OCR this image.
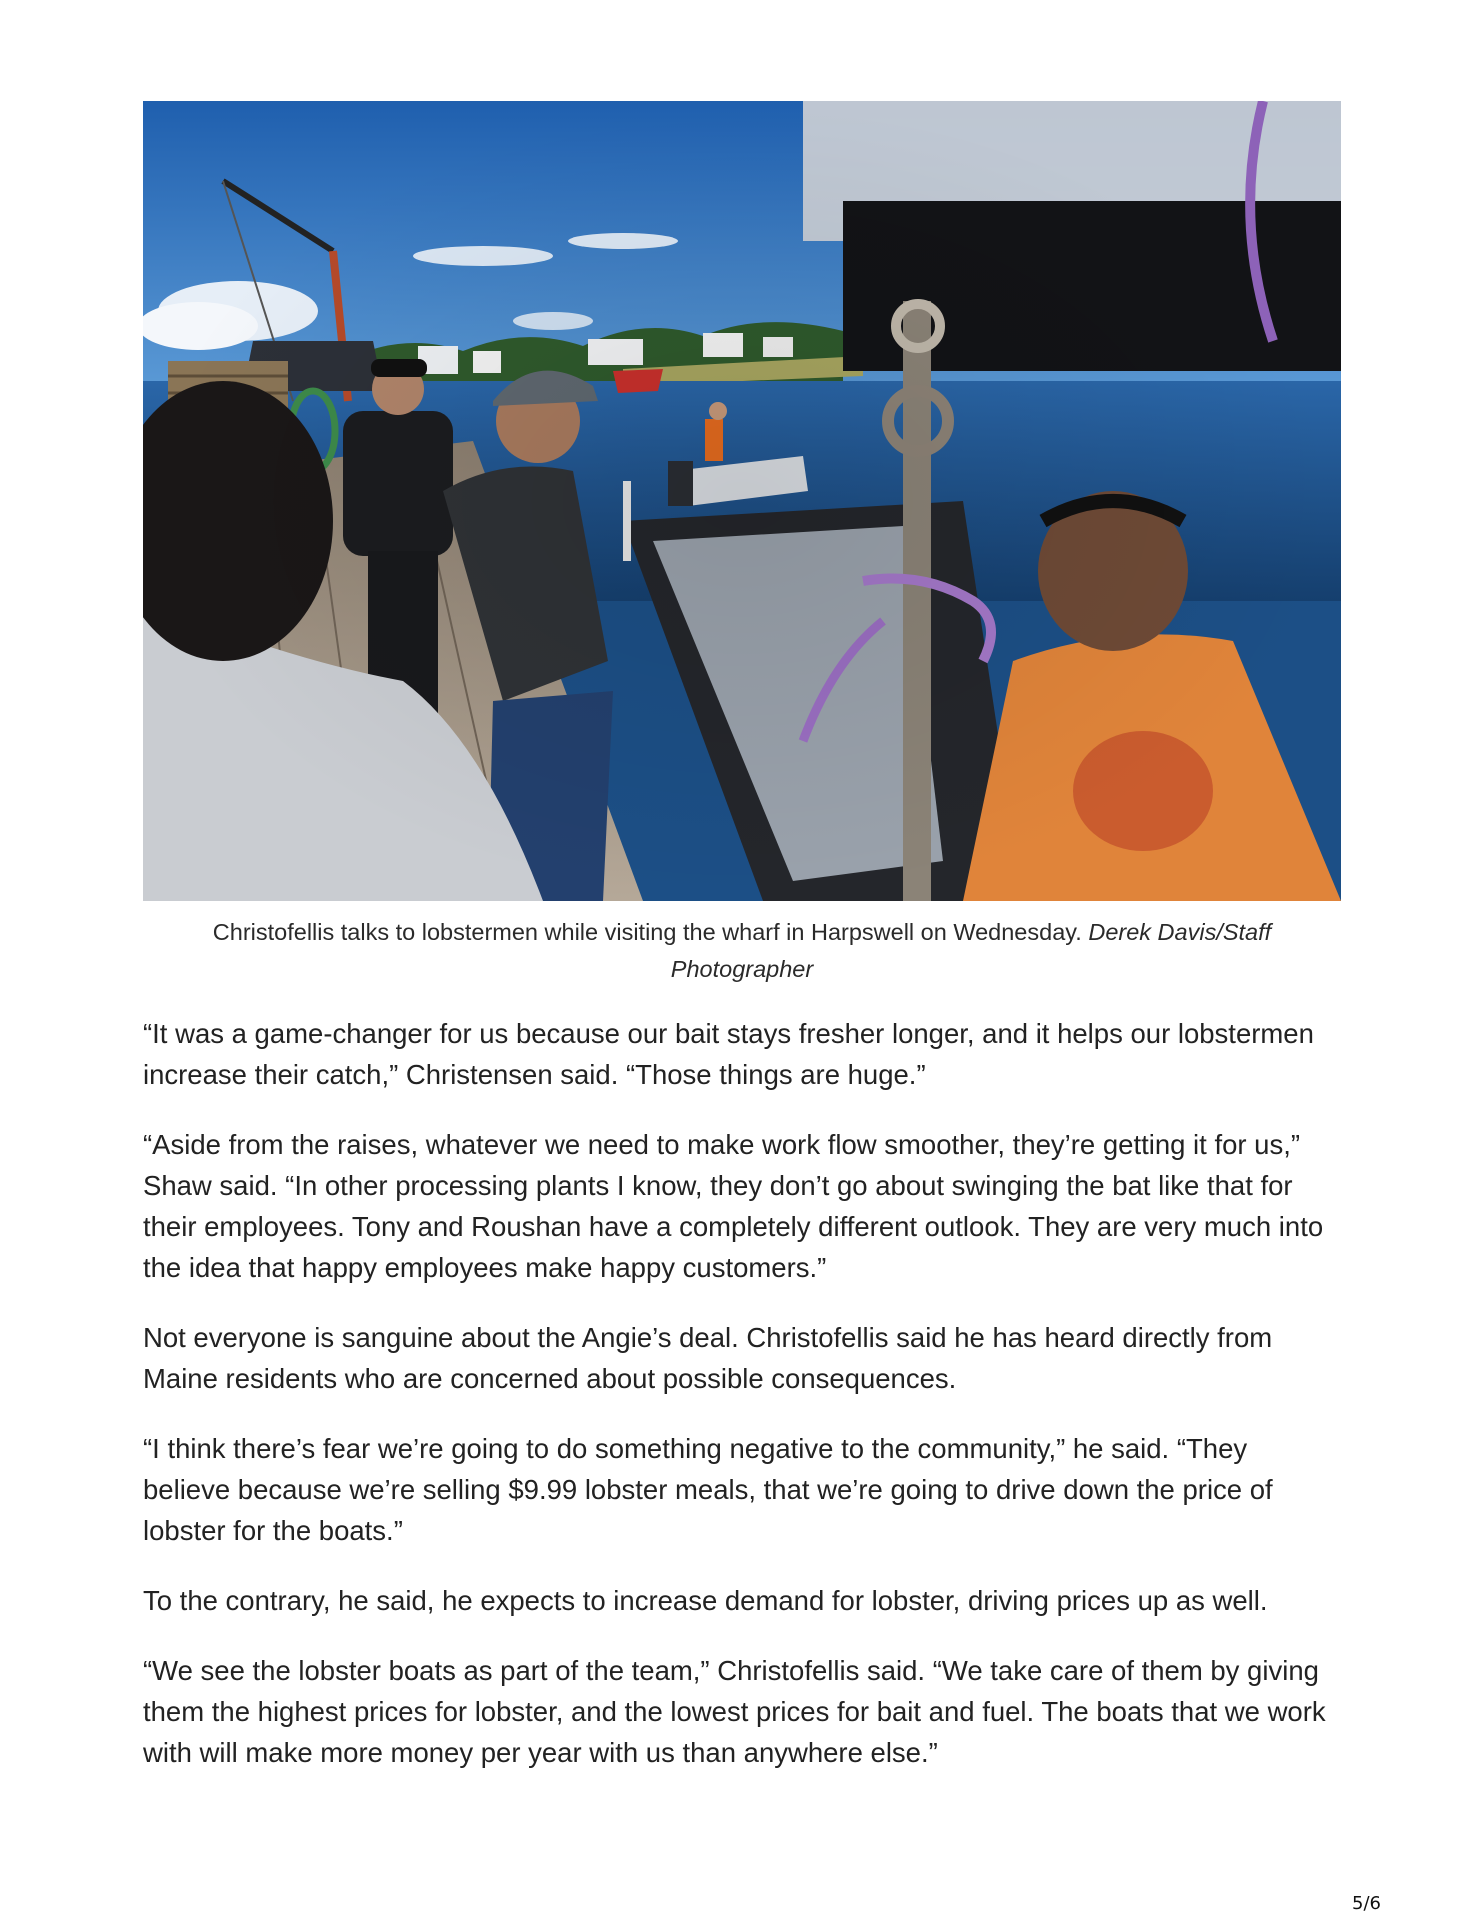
Christofellis talks to lobstermen while visiting the wharf in Harpswell on Wednesday. Derek Davis/Staff Photographer

“It was a game-changer for us because our bait stays fresher longer, and it helps our lobstermen increase their catch,” Christensen said. “Those things are huge.”

“Aside from the raises, whatever we need to make work flow smoother, they’re getting it for us,” Shaw said. “In other processing plants I know, they don’t go about swinging the bat like that for their employees. Tony and Roushan have a completely different outlook. They are very much into the idea that happy employees make happy customers.”

Not everyone is sanguine about the Angie’s deal. Christofellis said he has heard directly from Maine residents who are concerned about possible consequences.

“I think there’s fear we’re going to do something negative to the community,” he said. “They believe because we’re selling $9.99 lobster meals, that we’re going to drive down the price of lobster for the boats.”

To the contrary, he said, he expects to increase demand for lobster, driving prices up as well.

“We see the lobster boats as part of the team,” Christofellis said. “We take care of them by giving them the highest prices for lobster, and the lowest prices for bait and fuel. The boats that we work with will make more money per year with us than anywhere else.”

5/6
